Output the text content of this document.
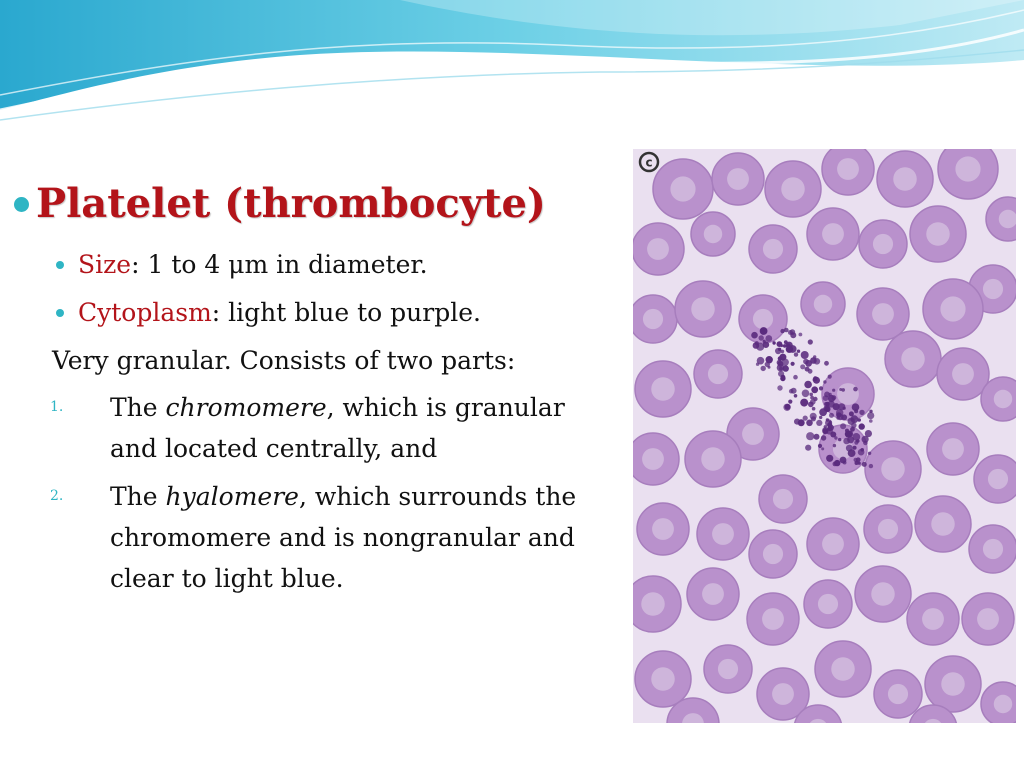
Platelet (thrombocyte)
Size: 1 to 4 μm in diameter.
Cytoplasm: light blue to purple.
Very granular. Consists of two parts:
1.	The chromomere, which is granular and located centrally, and
2.	The hyalomere, which surrounds the chromomere and is nongranular and clear to light blue.
c
